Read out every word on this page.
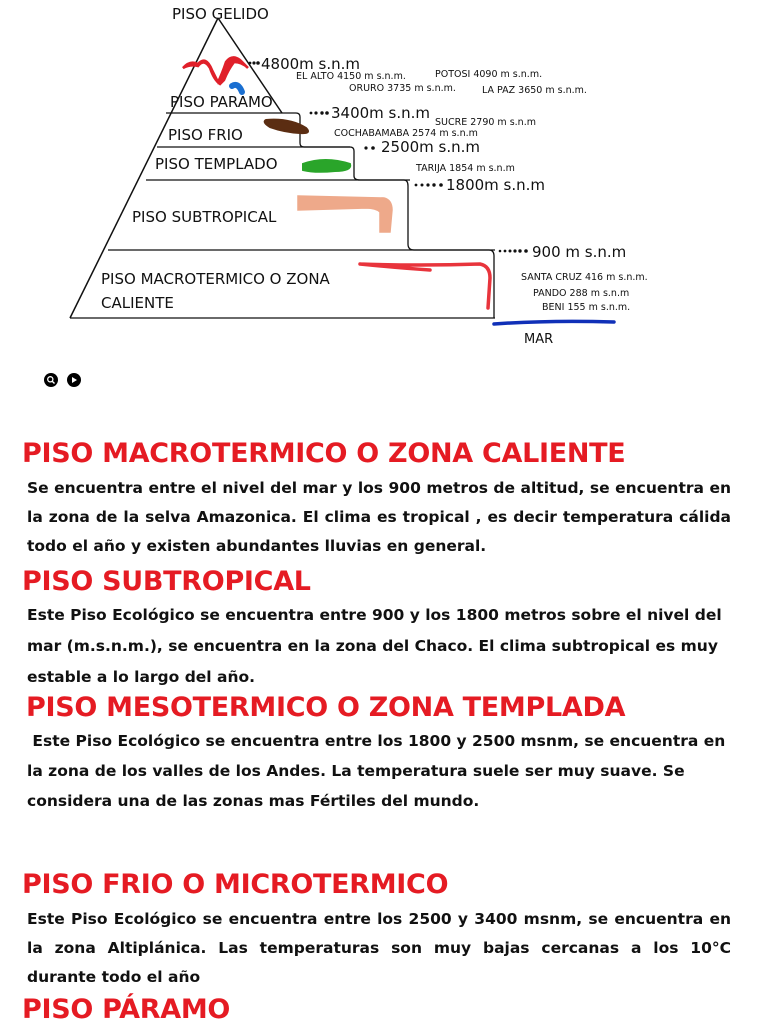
PISO GELIDO
PISO PARAMO
PISO FRIO
PISO TEMPLADO
PISO SUBTROPICAL
PISO MACROTERMICO O ZONA
CALIENTE
4800m s.n.m
3400m s.n.m
2500m s.n.m
1800m s.n.m
900 m s.n.m
MAR
EL ALTO 4150 m s.n.m.	POTOSI 4090 m s.n.m.
ORURO 3735 m s.n.m.	LA PAZ 3650 m s.n.m.
SUCRE 2790 m s.n.m
COCHABAMABA 2574 m s.n.m
TARIJA 1854 m s.n.m
SANTA CRUZ 416 m s.n.m.
PANDO 288 m s.n.m
BENI 155 m s.n.m.
PISO MACROTERMICO O ZONA CALIENTE

Se encuentra entre el nivel del mar y los 900 metros de altitud, se encuentra en la zona de la selva Amazonica. El clima es tropical , es decir temperatura cálida todo el año y existen abundantes lluvias en general.

PISO SUBTROPICAL

Este Piso Ecológico se encuentra entre 900 y los 1800 metros sobre el nivel del mar (m.s.n.m.), se encuentra en la zona del Chaco. El clima subtropical es muy estable a lo largo del año.

PISO MESOTERMICO O ZONA TEMPLADA

Este Piso Ecológico se encuentra entre los 1800 y 2500 msnm, se encuentra en la zona de los valles de los Andes. La temperatura suele ser muy suave. Se considera una de las zonas mas Fértiles del mundo.

PISO FRIO O MICROTERMICO

Este Piso Ecológico se encuentra entre los 2500 y 3400 msnm, se encuentra en la zona Altiplánica. Las temperaturas son muy bajas cercanas a los 10°C durante todo el año

PISO PÁRAMO
